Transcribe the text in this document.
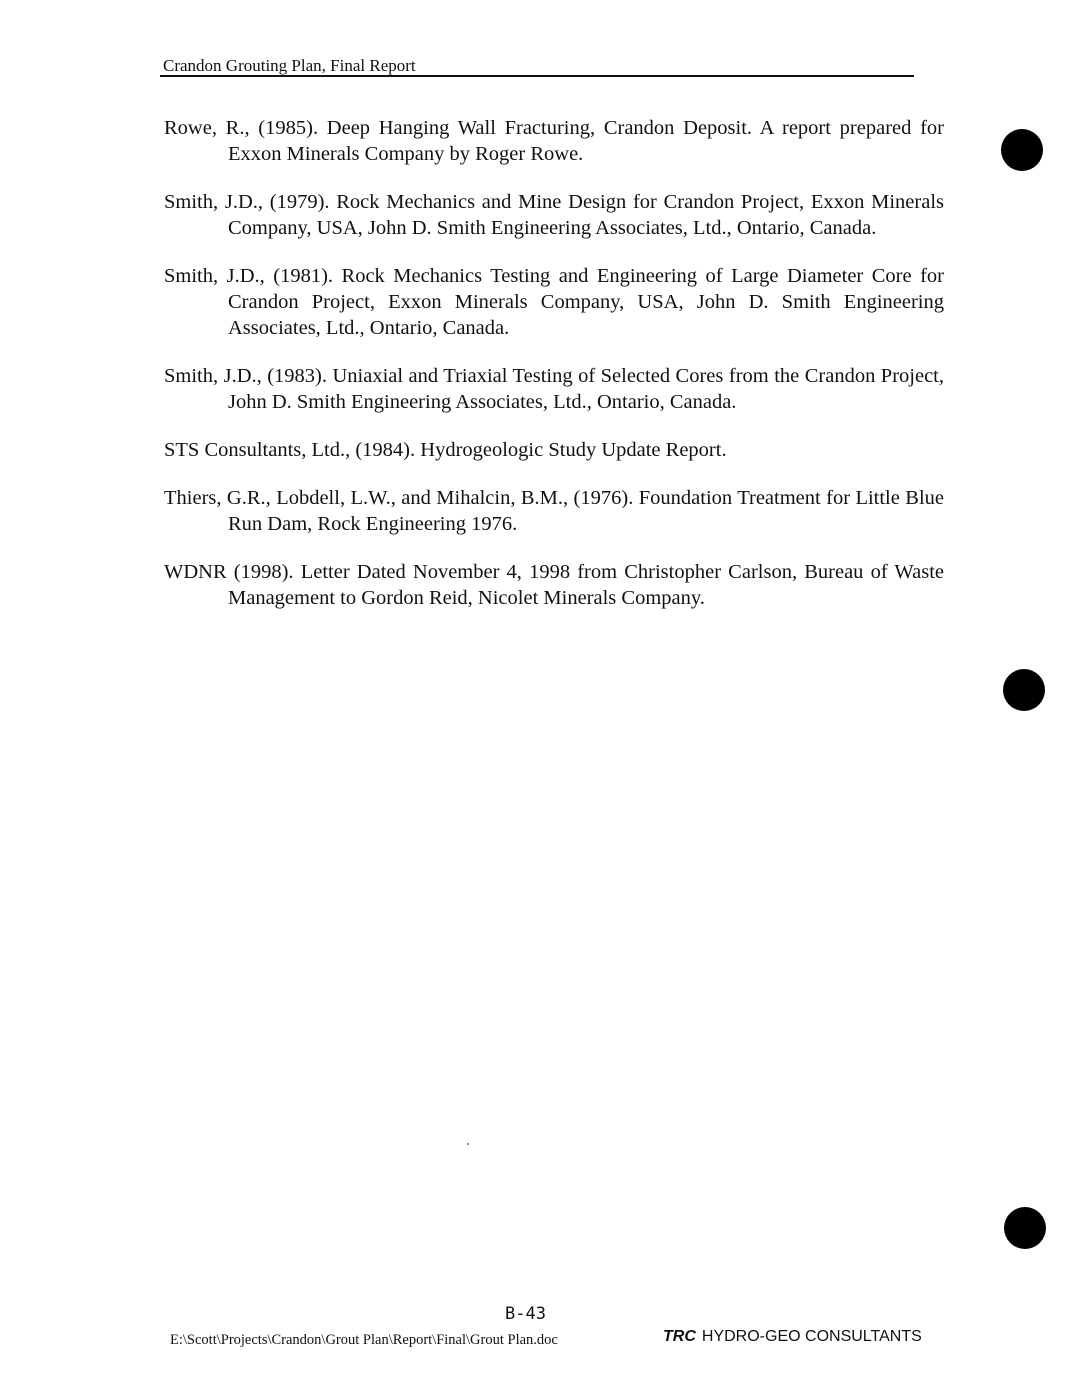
Crandon Grouting Plan, Final Report

Rowe, R., (1985). Deep Hanging Wall Fracturing, Crandon Deposit. A report prepared for Exxon Minerals Company by Roger Rowe.

Smith, J.D., (1979). Rock Mechanics and Mine Design for Crandon Project, Exxon Minerals Company, USA, John D. Smith Engineering Associates, Ltd., Ontario, Canada.

Smith, J.D., (1981). Rock Mechanics Testing and Engineering of Large Diameter Core for Crandon Project, Exxon Minerals Company, USA, John D. Smith Engineering Associates, Ltd., Ontario, Canada.

Smith, J.D., (1983). Uniaxial and Triaxial Testing of Selected Cores from the Crandon Project, John D. Smith Engineering Associates, Ltd., Ontario, Canada.

STS Consultants, Ltd., (1984). Hydrogeologic Study Update Report.

Thiers, G.R., Lobdell, L.W., and Mihalcin, B.M., (1976). Foundation Treatment for Little Blue Run Dam, Rock Engineering 1976.

WDNR (1998). Letter Dated November 4, 1998 from Christopher Carlson, Bureau of Waste Management to Gordon Reid, Nicolet Minerals Company.

B-43
E:\Scott\Projects\Crandon\Grout Plan\Report\Final\Grout Plan.doc	TRC HYDRO-GEO CONSULTANTS
